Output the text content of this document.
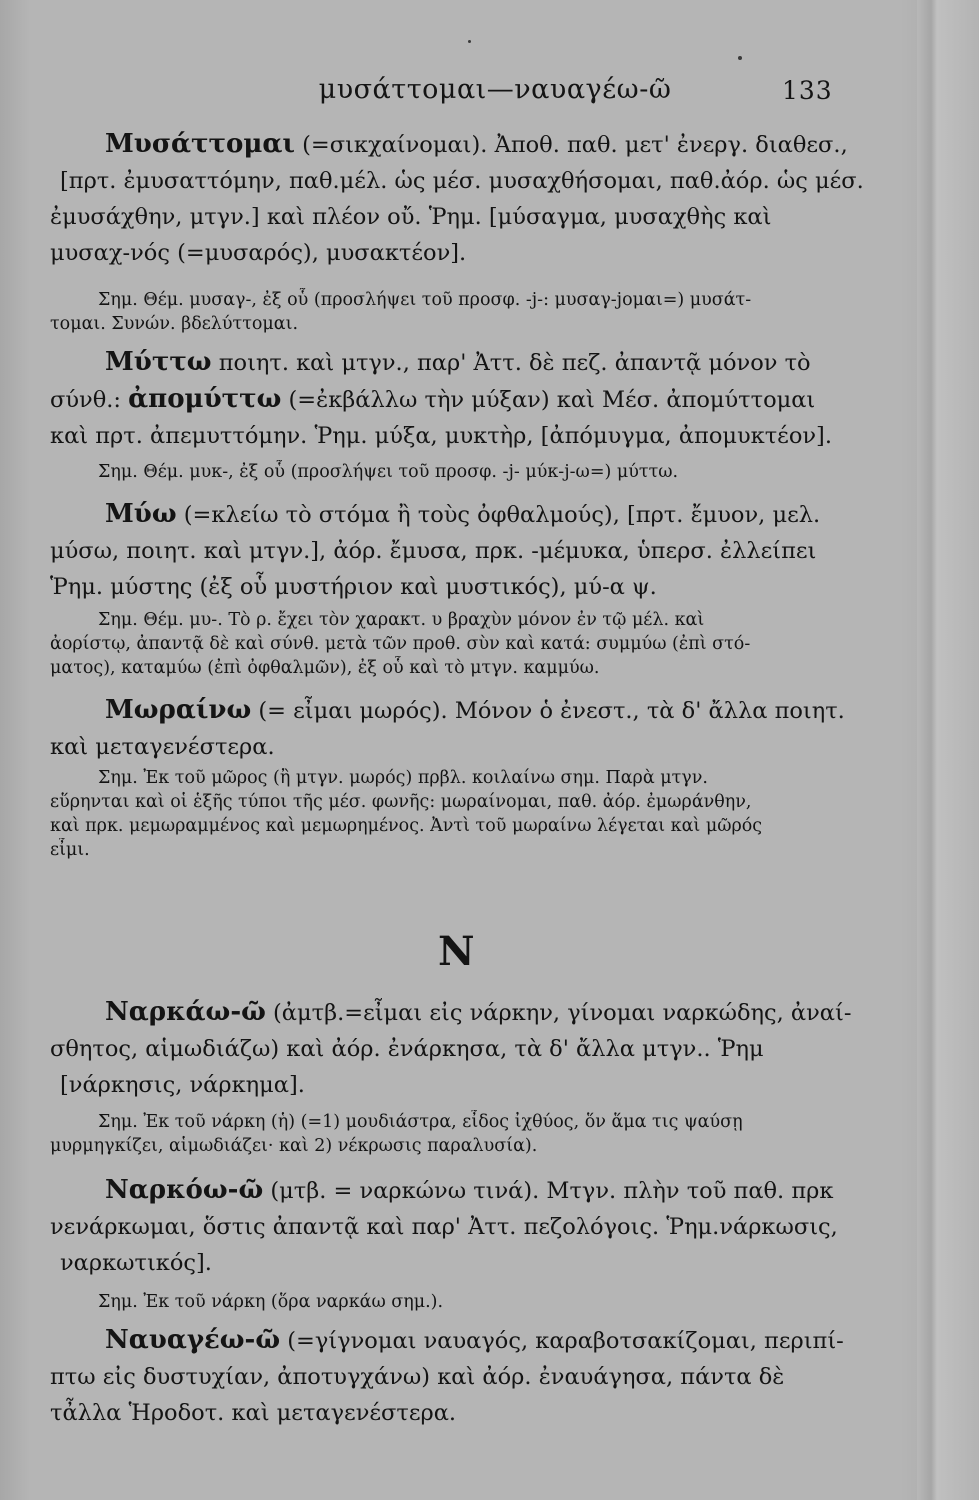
μυσάττομαι—ναυαγέω-ῶ	133
Μυσάττομαι (=σικχαίνομαι). Ἀποθ. παθ. μετ' ἐνεργ. διαθεσ.,
[πρτ. ἐμυσαττόμην, παθ.μέλ. ὡς μέσ. μυσαχθήσομαι, παθ.ἀόρ. ὡς μέσ.
ἐμυσάχθην, μτγν.] καὶ πλέον οὔ. Ῥημ. [μύσαγμα, μυσαχθὴς καὶ
μυσαχ-νός (=μυσαρός), μυσακτέον].
Σημ. Θέμ. μυσαγ-, ἐξ οὗ (προσλήψει τοῦ προσφ. -j-: μυσαγ-jομαι=) μυσάτ-
τομαι. Συνών. βδελύττομαι.
Μύττω ποιητ. καὶ μτγν., παρ' Ἀττ. δὲ πεζ. ἀπαντᾷ μόνον τὸ
σύνθ.: ἀπομύττω (=ἐκβάλλω τὴν μύξαν) καὶ Μέσ. ἀπομύττομαι
καὶ πρτ. ἀπεμυττόμην. Ῥημ. μύξα, μυκτὴρ, [ἀπόμυγμα, ἀπομυκτέον].
Σημ. Θέμ. μυκ-, ἐξ οὗ (προσλήψει τοῦ προσφ. -j- μύκ-j-ω=) μύττω.
Μύω (=κλείω τὸ στόμα ἢ τοὺς ὀφθαλμούς), [πρτ. ἔμυον, μελ.
μύσω, ποιητ. καὶ μτγν.], ἀόρ. ἔμυσα, πρκ. -μέμυκα, ὑπερσ. ἐλλείπει
Ῥημ. μύστης (ἐξ οὗ μυστήριον καὶ μυστικός), μύ-α ψ.
Σημ. Θέμ. μυ-. Τὸ ρ. ἔχει τὸν χαρακτ. υ βραχὺν μόνον ἐν τῷ μέλ. καὶ
ἀορίστῳ, ἀπαντᾷ δὲ καὶ σύνθ. μετὰ τῶν προθ. σὺν καὶ κατά: συμμύω (ἐπὶ στό-
ματος), καταμύω (ἐπὶ ὀφθαλμῶν), ἐξ οὗ καὶ τὸ μτγν. καμμύω.
Μωραίνω (= εἶμαι μωρός). Μόνον ὁ ἐνεστ., τὰ δ' ἄλλα ποιητ.
καὶ μεταγενέστερα.
Σημ. Ἐκ τοῦ μῶρος (ἢ μτγν. μωρός) πρβλ. κοιλαίνω σημ. Παρὰ μτγν.
εὕρηνται καὶ οἱ ἑξῆς τύποι τῆς μέσ. φωνῆς: μωραίνομαι, παθ. ἀόρ. ἐμωράνθην,
καὶ πρκ. μεμωραμμένος καὶ μεμωρημένος. Ἀντὶ τοῦ μωραίνω λέγεται καὶ μῶρός
εἶμι.
Ν
Ναρκάω-ῶ (ἀμτβ.=εἶμαι εἰς νάρκην, γίνομαι ναρκώδης, ἀναί-
σθητος, αἱμωδιάζω) καὶ ἀόρ. ἐνάρκησα, τὰ δ' ἄλλα μτγν.. Ῥημ
[νάρκησις, νάρκημα].
Σημ. Ἐκ τοῦ νάρκη (ἡ) (=1) μουδιάστρα, εἶδος ἰχθύος, ὅν ἅμα τις ψαύσῃ
μυρμηγκίζει, αἱμωδιάζει· καὶ 2) νέκρωσις παραλυσία).
Ναρκόω-ῶ (μτβ. = ναρκώνω τινά). Μτγν. πλὴν τοῦ παθ. πρκ
νενάρκωμαι, ὅστις ἀπαντᾷ καὶ παρ' Ἀττ. πεζολόγοις. Ῥημ.νάρκωσις,
ναρκωτικός].
Σημ. Ἐκ τοῦ νάρκη (ὅρα ναρκάω σημ.).
Ναυαγέω-ῶ (=γίγνομαι ναυαγός, καραβοτσακίζομαι, περιπί-
πτω εἰς δυστυχίαν, ἀποτυγχάνω) καὶ ἀόρ. ἐναυάγησα, πάντα δὲ
τἆλλα Ἡροδοτ. καὶ μεταγενέστερα.
